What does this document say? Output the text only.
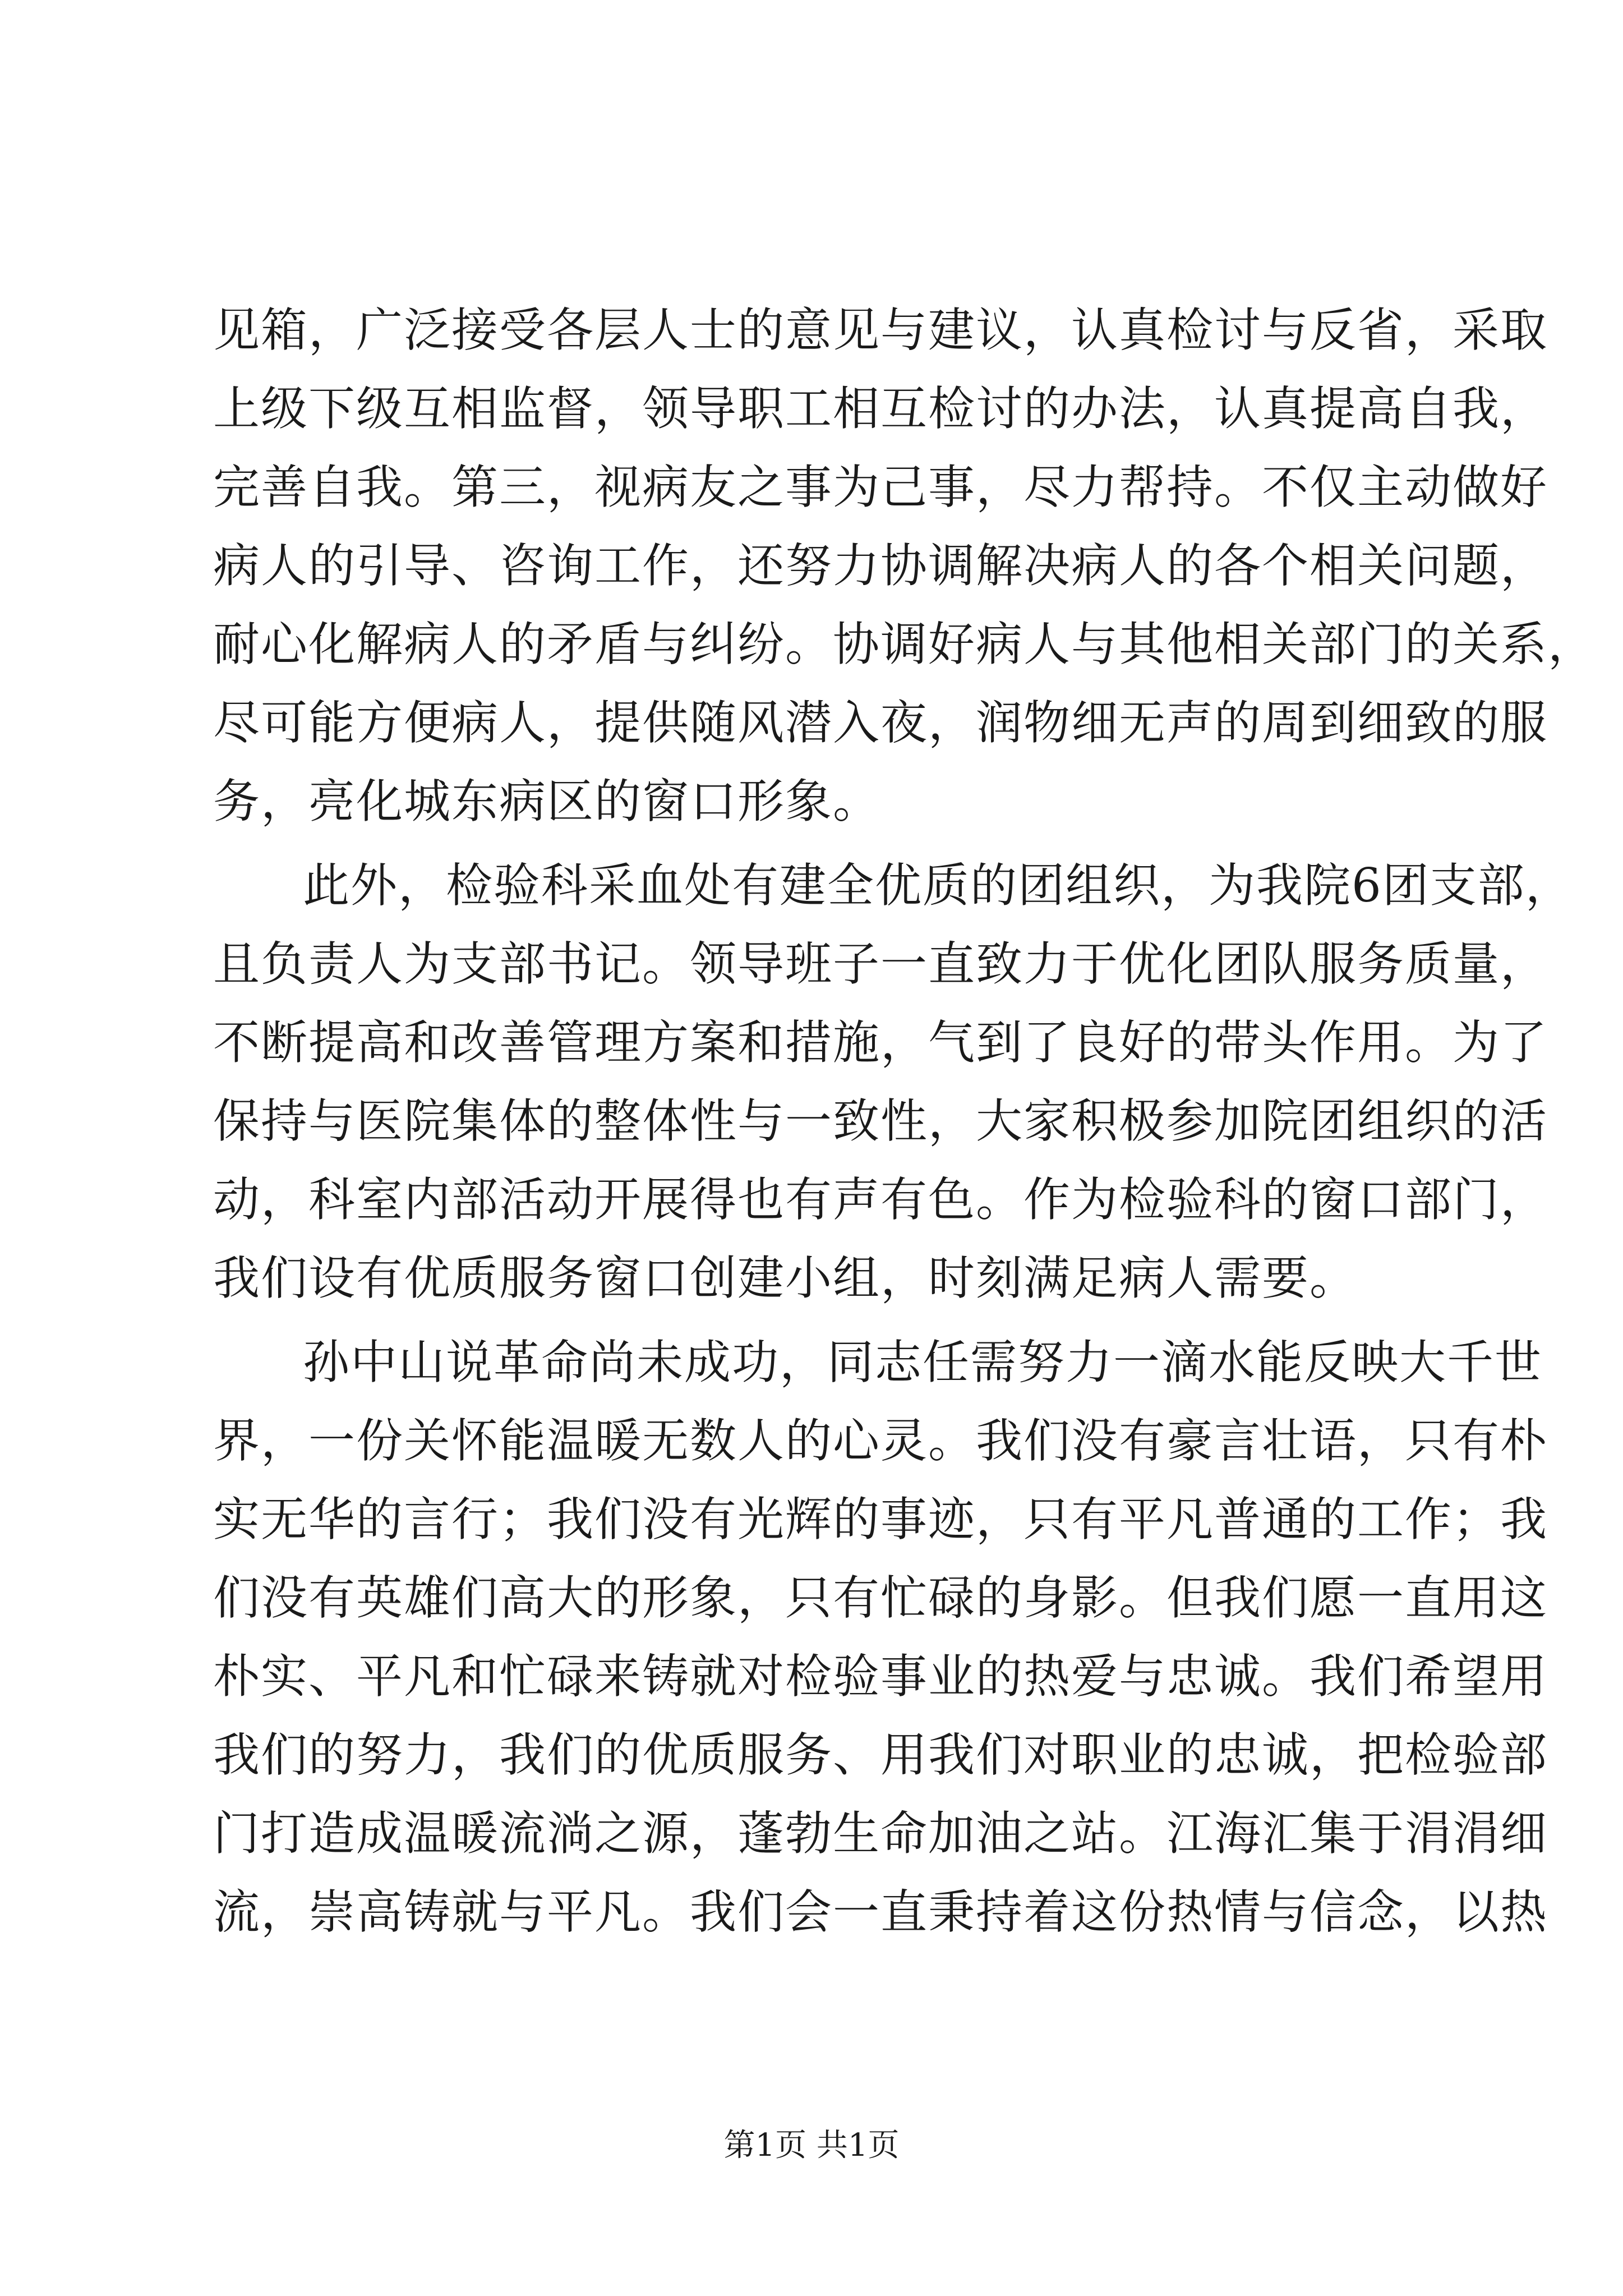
见箱，广泛接受各层人士的意见与建议，认真检讨与反省，采取
上级下级互相监督，领导职工相互检讨的办法，认真提高自我，
完善自我。第三，视病友之事为己事，尽力帮持。不仅主动做好
病人的引导、咨询工作，还努力协调解决病人的各个相关问题，
耐心化解病人的矛盾与纠纷。协调好病人与其他相关部门的关系，
尽可能方便病人，提供随风潜入夜，润物细无声的周到细致的服
务，亮化城东病区的窗口形象。
此外，检验科采血处有建全优质的团组织，为我院6团支部，
且负责人为支部书记。领导班子一直致力于优化团队服务质量，
不断提高和改善管理方案和措施，气到了良好的带头作用。为了
保持与医院集体的整体性与一致性，大家积极参加院团组织的活
动，科室内部活动开展得也有声有色。作为检验科的窗口部门，
我们设有优质服务窗口创建小组，时刻满足病人需要。
孙中山说革命尚未成功，同志任需努力一滴水能反映大千世
界，一份关怀能温暖无数人的心灵。我们没有豪言壮语，只有朴
实无华的言行；我们没有光辉的事迹，只有平凡普通的工作；我
们没有英雄们高大的形象，只有忙碌的身影。但我们愿一直用这
朴实、平凡和忙碌来铸就对检验事业的热爱与忠诚。我们希望用
我们的努力，我们的优质服务、用我们对职业的忠诚，把检验部
门打造成温暖流淌之源，蓬勃生命加油之站。江海汇集于涓涓细
流，崇高铸就与平凡。我们会一直秉持着这份热情与信念，以热
第1页 共1页
